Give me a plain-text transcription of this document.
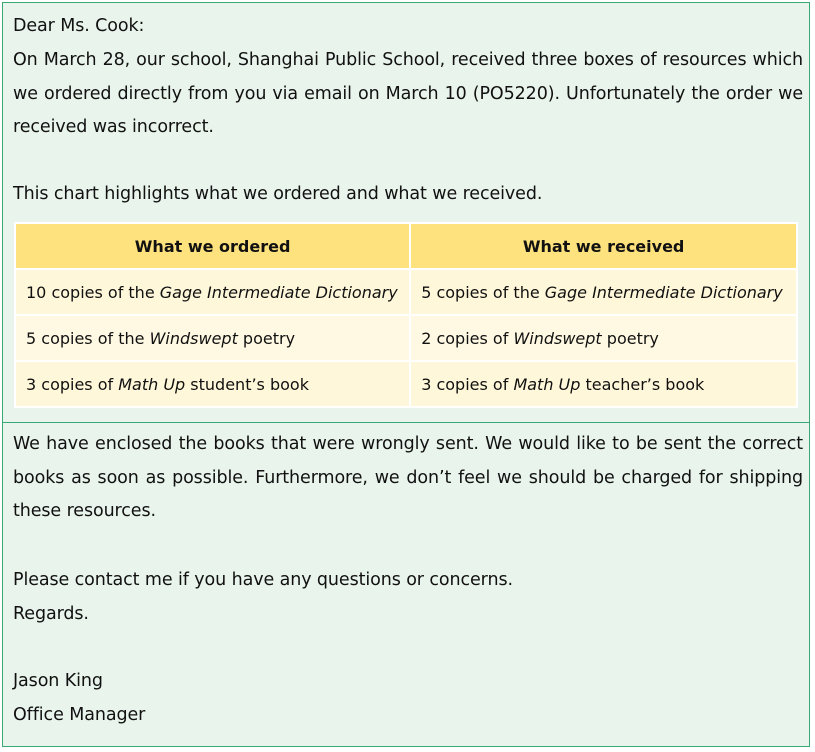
Dear Ms. Cook:
On March 28, our school, Shanghai Public School, received three boxes of resources which we ordered directly from you via email on March 10 (PO5220). Unfortunately the order we received was incorrect.
This chart highlights what we ordered and what we received.
What we ordered	What we received
10 copies of the Gage Intermediate Dictionary	5 copies of the Gage Intermediate Dictionary
5 copies of the Windswept poetry	2 copies of Windswept poetry
3 copies of Math Up student’s book	3 copies of Math Up teacher’s book
We have enclosed the books that were wrongly sent. We would like to be sent the correct books as soon as possible. Furthermore, we don’t feel we should be charged for shipping these resources.
Please contact me if you have any questions or concerns.
Regards.
Jason King
Office Manager
